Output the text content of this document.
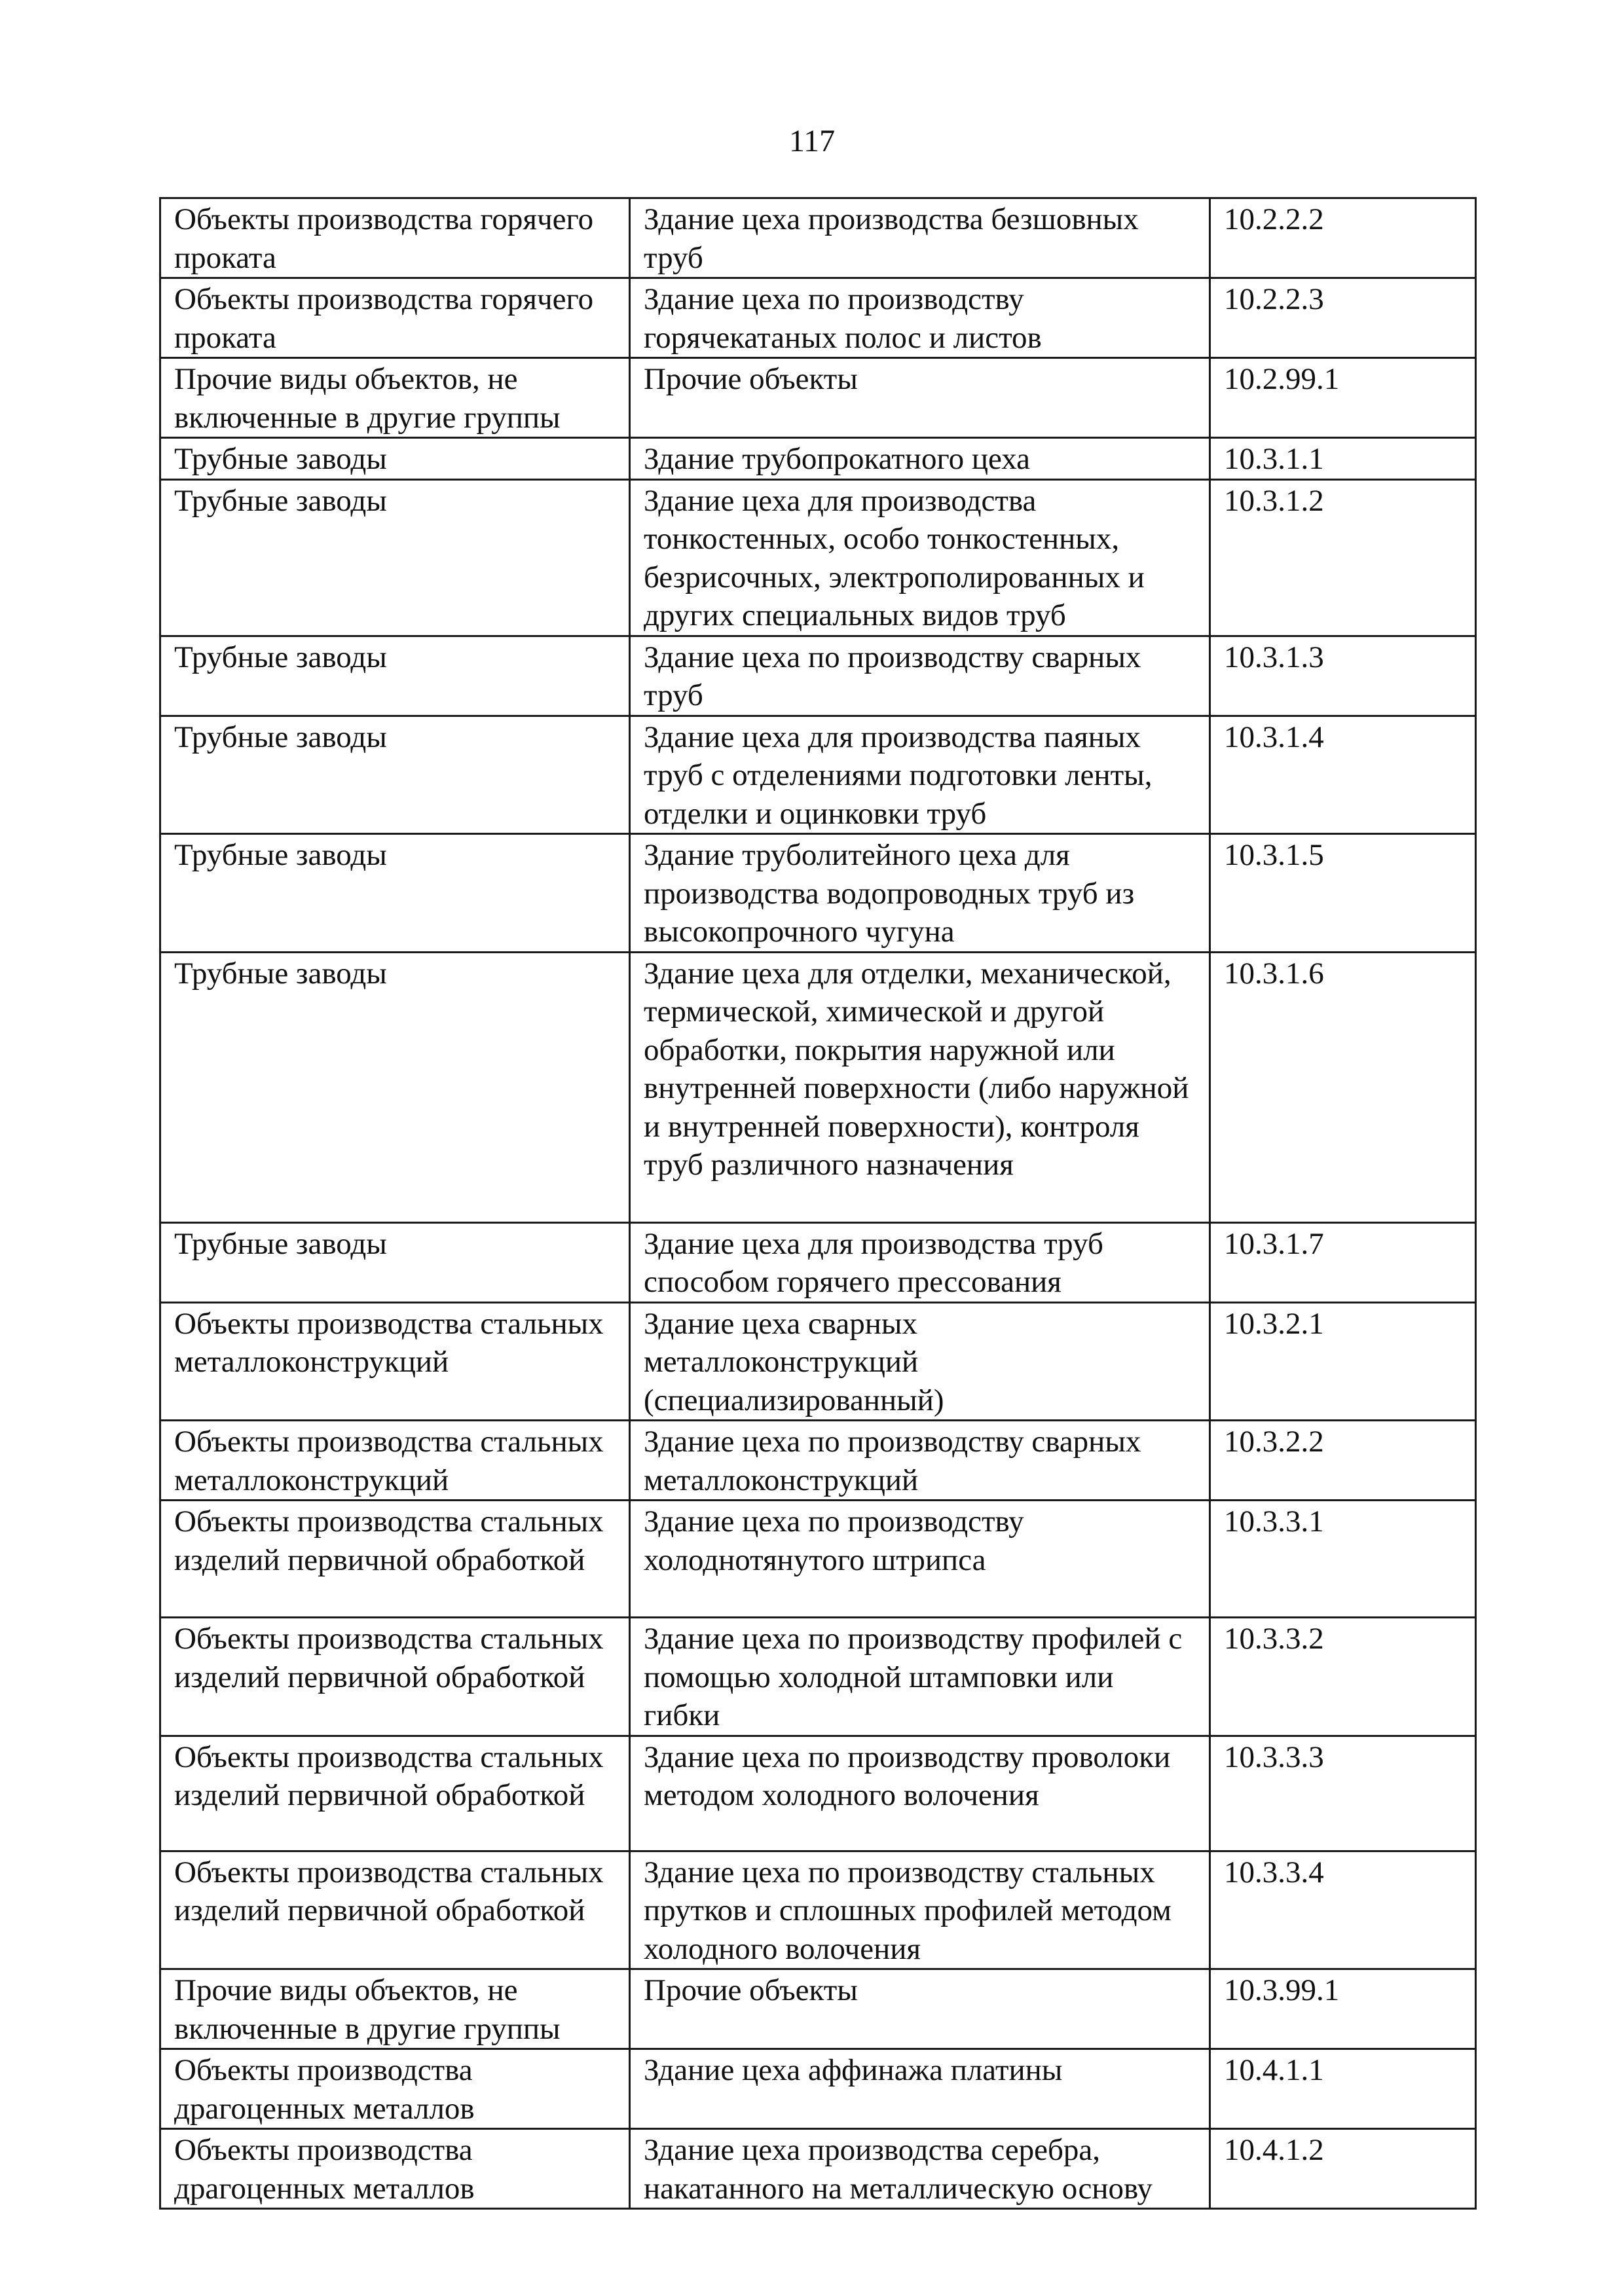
117
Объекты производства горячего проката	Здание цеха производства безшовных труб	10.2.2.2
Объекты производства горячего проката	Здание цеха по производству горячекатаных полос и листов	10.2.2.3
Прочие виды объектов, не включенные в другие группы	Прочие объекты	10.2.99.1
Трубные заводы	Здание трубопрокатного цеха	10.3.1.1
Трубные заводы	Здание цеха для производства тонкостенных, особо тонкостенных, безрисочных, электрополированных и других специальных видов труб	10.3.1.2
Трубные заводы	Здание цеха по производству сварных труб	10.3.1.3
Трубные заводы	Здание цеха для производства паяных труб с отделениями подготовки ленты, отделки и оцинковки труб	10.3.1.4
Трубные заводы	Здание труболитейного цеха для производства водопроводных труб из высокопрочного чугуна	10.3.1.5
Трубные заводы	Здание цеха для отделки, механической, термической, химической и другой обработки, покрытия наружной или внутренней поверхности (либо наружной и внутренней поверхности), контроля труб различного назначения	10.3.1.6
Трубные заводы	Здание цеха для производства труб способом горячего прессования	10.3.1.7
Объекты производства стальных металлоконструкций	Здание цеха сварных металлоконструкций (специализированный)	10.3.2.1
Объекты производства стальных металлоконструкций	Здание цеха по производству сварных металлоконструкций	10.3.2.2
Объекты производства стальных изделий первичной обработкой	Здание цеха по производству холоднотянутого штрипса	10.3.3.1
Объекты производства стальных изделий первичной обработкой	Здание цеха по производству профилей с помощью холодной штамповки или гибки	10.3.3.2
Объекты производства стальных изделий первичной обработкой	Здание цеха по производству проволоки методом холодного волочения	10.3.3.3
Объекты производства стальных изделий первичной обработкой	Здание цеха по производству стальных прутков и сплошных профилей методом холодного волочения	10.3.3.4
Прочие виды объектов, не включенные в другие группы	Прочие объекты	10.3.99.1
Объекты производства драгоценных металлов	Здание цеха аффинажа платины	10.4.1.1
Объекты производства драгоценных металлов	Здание цеха производства серебра, накатанного на металлическую основу	10.4.1.2
